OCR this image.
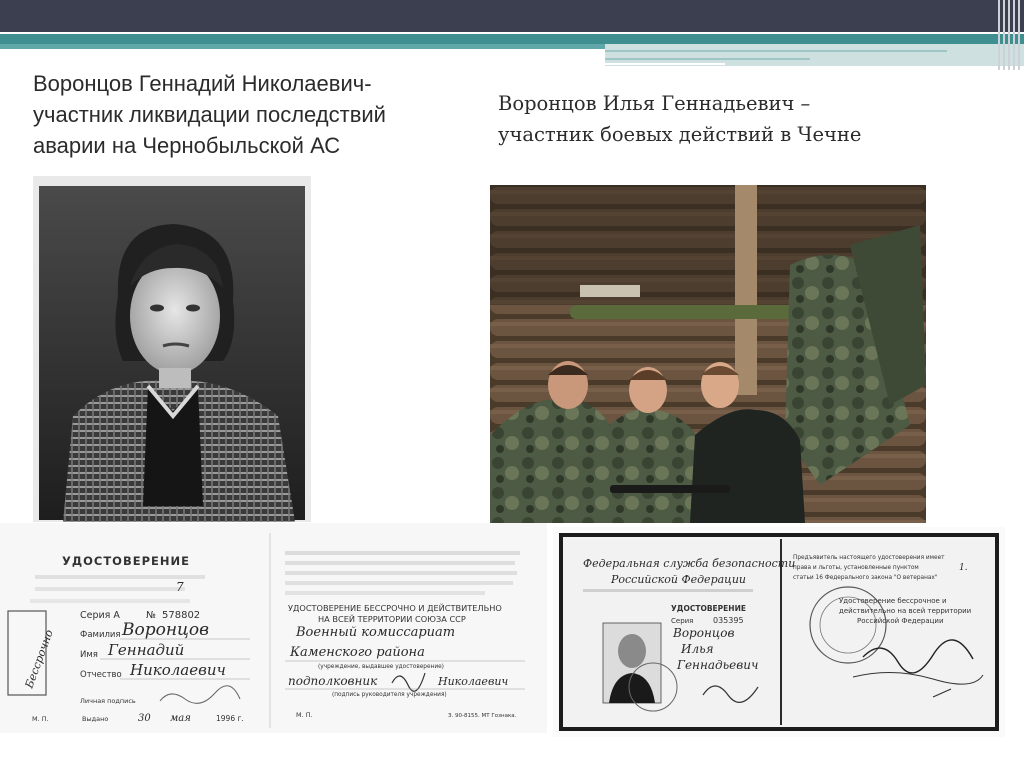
Воронцов Геннадий Николаевич-
участник ликвидации последствий
аварии на Чернобыльской АС
Воронцов Илья Геннадьевич –
участник боевых действий в Чечне
УДОСТОВЕРЕНИЕ
7
Серия А	№ 578802
Фамилия Воронцов
Имя Геннадий
Отчество Николаевич
Личная подпись
М. П.	Выдано	30 мая	1996 г.
Бессрочно
УДОСТОВЕРЕНИЕ БЕССРОЧНО И ДЕЙСТВИТЕЛЬНО
НА ВСЕЙ ТЕРРИТОРИИ СОЮЗА ССР
Военный комиссариат
Каменского района
(учреждение, выдавшее удостоверение)
подполковник	Николаевич
(подпись руководителя учреждения)
М. П.	З. 90-8155. МТ Гознака.
Федеральная служба безопасности
Российской Федерации
УДОСТОВЕРЕНИЕ
Серия 035395
Воронцов
Илья
Геннадьевич
Предъявитель настоящего удостоверения имеет
права и льготы, установленные пунктом	1.
статьи 16 Федерального закона "О ветеранах"
Удостоверение бессрочное и
действительно на всей территории
Российской Федерации
